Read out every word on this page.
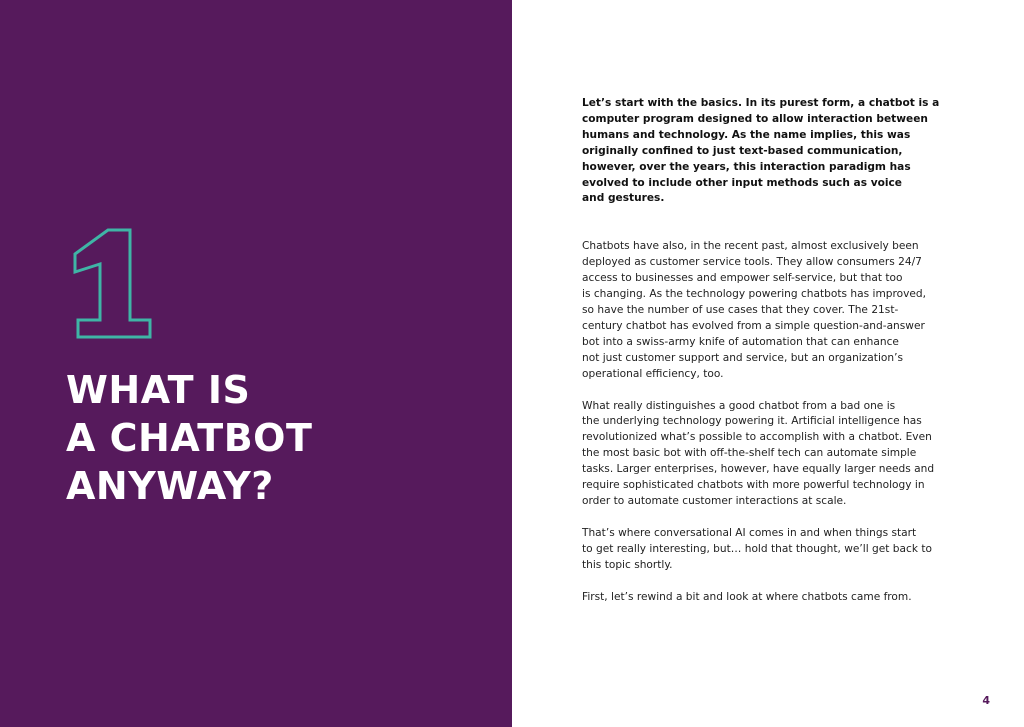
WHAT IS
A CHATBOT
ANYWAY?

Let’s start with the basics. In its purest form, a chatbot is a
computer program designed to allow interaction between
humans and technology. As the name implies, this was
originally confined to just text-based communication,
however, over the years, this interaction paradigm has
evolved to include other input methods such as voice
and gestures.

Chatbots have also, in the recent past, almost exclusively been
deployed as customer service tools. They allow consumers 24/7
access to businesses and empower self-service, but that too
is changing. As the technology powering chatbots has improved,
so have the number of use cases that they cover. The 21st-
century chatbot has evolved from a simple question-and-answer
bot into a swiss-army knife of automation that can enhance
not just customer support and service, but an organization’s
operational efficiency, too.

What really distinguishes a good chatbot from a bad one is
the underlying technology powering it. Artificial intelligence has
revolutionized what’s possible to accomplish with a chatbot. Even
the most basic bot with off-the-shelf tech can automate simple
tasks. Larger enterprises, however, have equally larger needs and
require sophisticated chatbots with more powerful technology in
order to automate customer interactions at scale.

That’s where conversational AI comes in and when things start
to get really interesting, but… hold that thought, we’ll get back to
this topic shortly.

First, let’s rewind a bit and look at where chatbots came from.

4
